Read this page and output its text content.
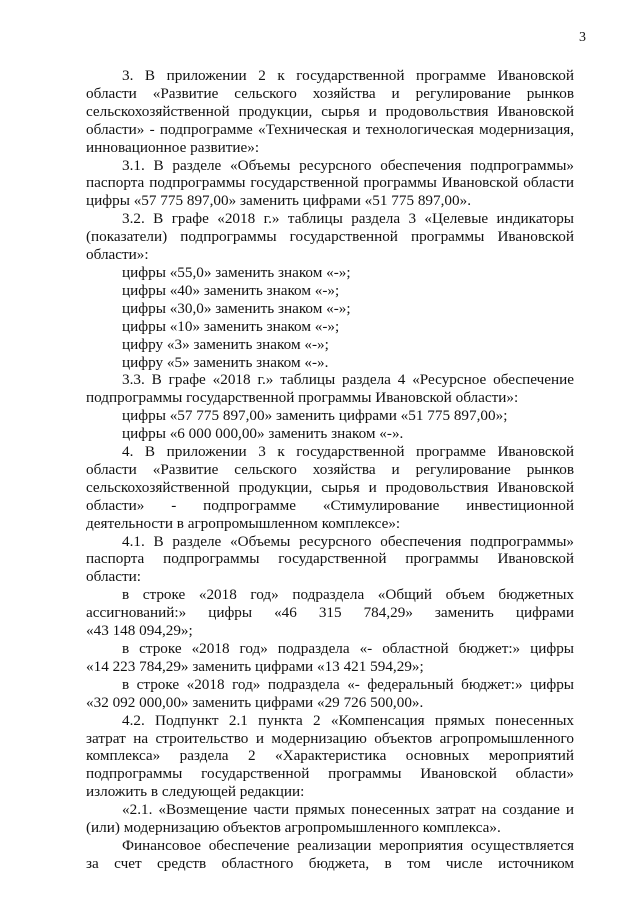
3
3. В приложении 2 к государственной программе Ивановской
области «Развитие сельского хозяйства и регулирование рынков
сельскохозяйственной продукции, сырья и продовольствия Ивановской
области» - подпрограмме «Техническая и технологическая модернизация,
инновационное развитие»:
3.1. В разделе «Объемы ресурсного обеспечения подпрограммы»
паспорта подпрограммы государственной программы Ивановской области
цифры «57 775 897,00» заменить цифрами «51 775 897,00».
3.2. В графе «2018 г.» таблицы раздела 3 «Целевые индикаторы
(показатели) подпрограммы государственной программы Ивановской
области»:
цифры «55,0» заменить знаком «-»;
цифры «40» заменить знаком «-»;
цифры «30,0» заменить знаком «-»;
цифры «10» заменить знаком «-»;
цифру «3» заменить знаком «-»;
цифру «5» заменить знаком «-».
3.3. В графе «2018 г.» таблицы раздела 4 «Ресурсное обеспечение
подпрограммы государственной программы Ивановской области»:
цифры «57 775 897,00» заменить цифрами «51 775 897,00»;
цифры «6 000 000,00» заменить знаком «-».
4. В приложении 3 к государственной программе Ивановской
области «Развитие сельского хозяйства и регулирование рынков
сельскохозяйственной продукции, сырья и продовольствия Ивановской
области» - подпрограмме «Стимулирование инвестиционной
деятельности в агропромышленном комплексе»:
4.1. В разделе «Объемы ресурсного обеспечения подпрограммы»
паспорта подпрограммы государственной программы Ивановской
области:
в строке «2018 год» подраздела «Общий объем бюджетных
ассигнований:» цифры «46 315 784,29» заменить цифрами
«43 148 094,29»;
в строке «2018 год» подраздела «- областной бюджет:» цифры
«14 223 784,29» заменить цифрами «13 421 594,29»;
в строке «2018 год» подраздела «- федеральный бюджет:» цифры
«32 092 000,00» заменить цифрами «29 726 500,00».
4.2. Подпункт 2.1 пункта 2 «Компенсация прямых понесенных
затрат на строительство и модернизацию объектов агропромышленного
комплекса» раздела 2 «Характеристика основных мероприятий
подпрограммы государственной программы Ивановской области»
изложить в следующей редакции:
«2.1. «Возмещение части прямых понесенных затрат на создание и
(или) модернизацию объектов агропромышленного комплекса».
Финансовое обеспечение реализации мероприятия осуществляется
за счет средств областного бюджета, в том числе источником
